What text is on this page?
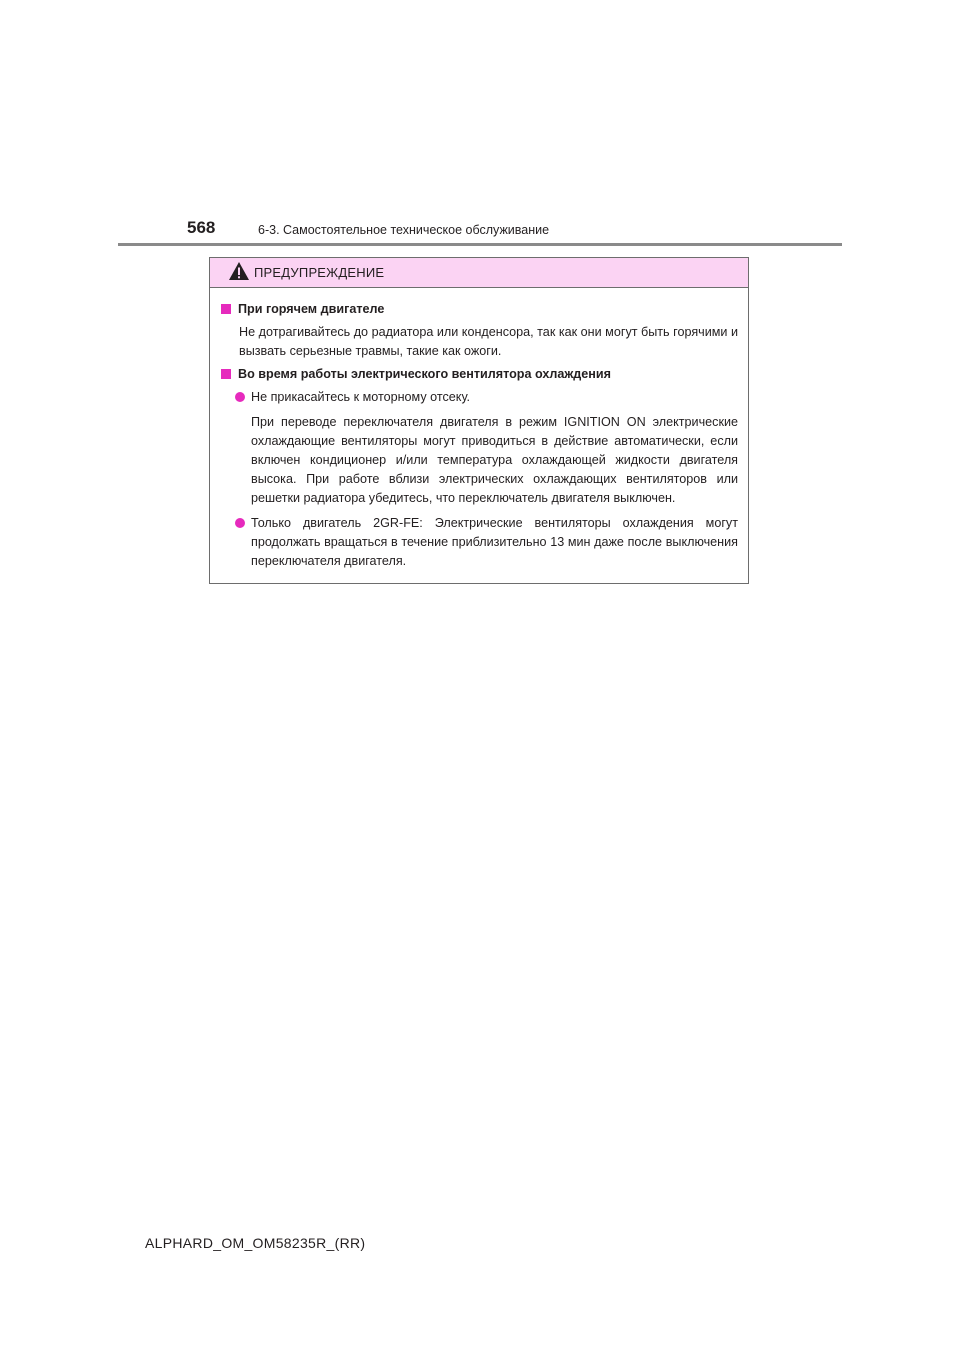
568	6-3. Самостоятельное техническое обслуживание
ПРЕДУПРЕЖДЕНИЕ
При горячем двигателе
Не дотрагивайтесь до радиатора или конденсора, так как они могут быть горячими и вызвать серьезные травмы, такие как ожоги.
Во время работы электрического вентилятора охлаждения
Не прикасайтесь к моторному отсеку.
При переводе переключателя двигателя в режим IGNITION ON электрические охлаждающие вентиляторы могут приводиться в действие автоматически, если включен кондиционер и/или температура охлаждающей жидкости двигателя высока. При работе вблизи электрических охлаждающих вентиляторов или решетки радиатора убедитесь, что переключатель двигателя выключен.
Только двигатель 2GR-FE: Электрические вентиляторы охлаждения могут продолжать вращаться в течение приблизительно 13 мин даже после выключения переключателя двигателя.
ALPHARD_OM_OM58235R_(RR)
